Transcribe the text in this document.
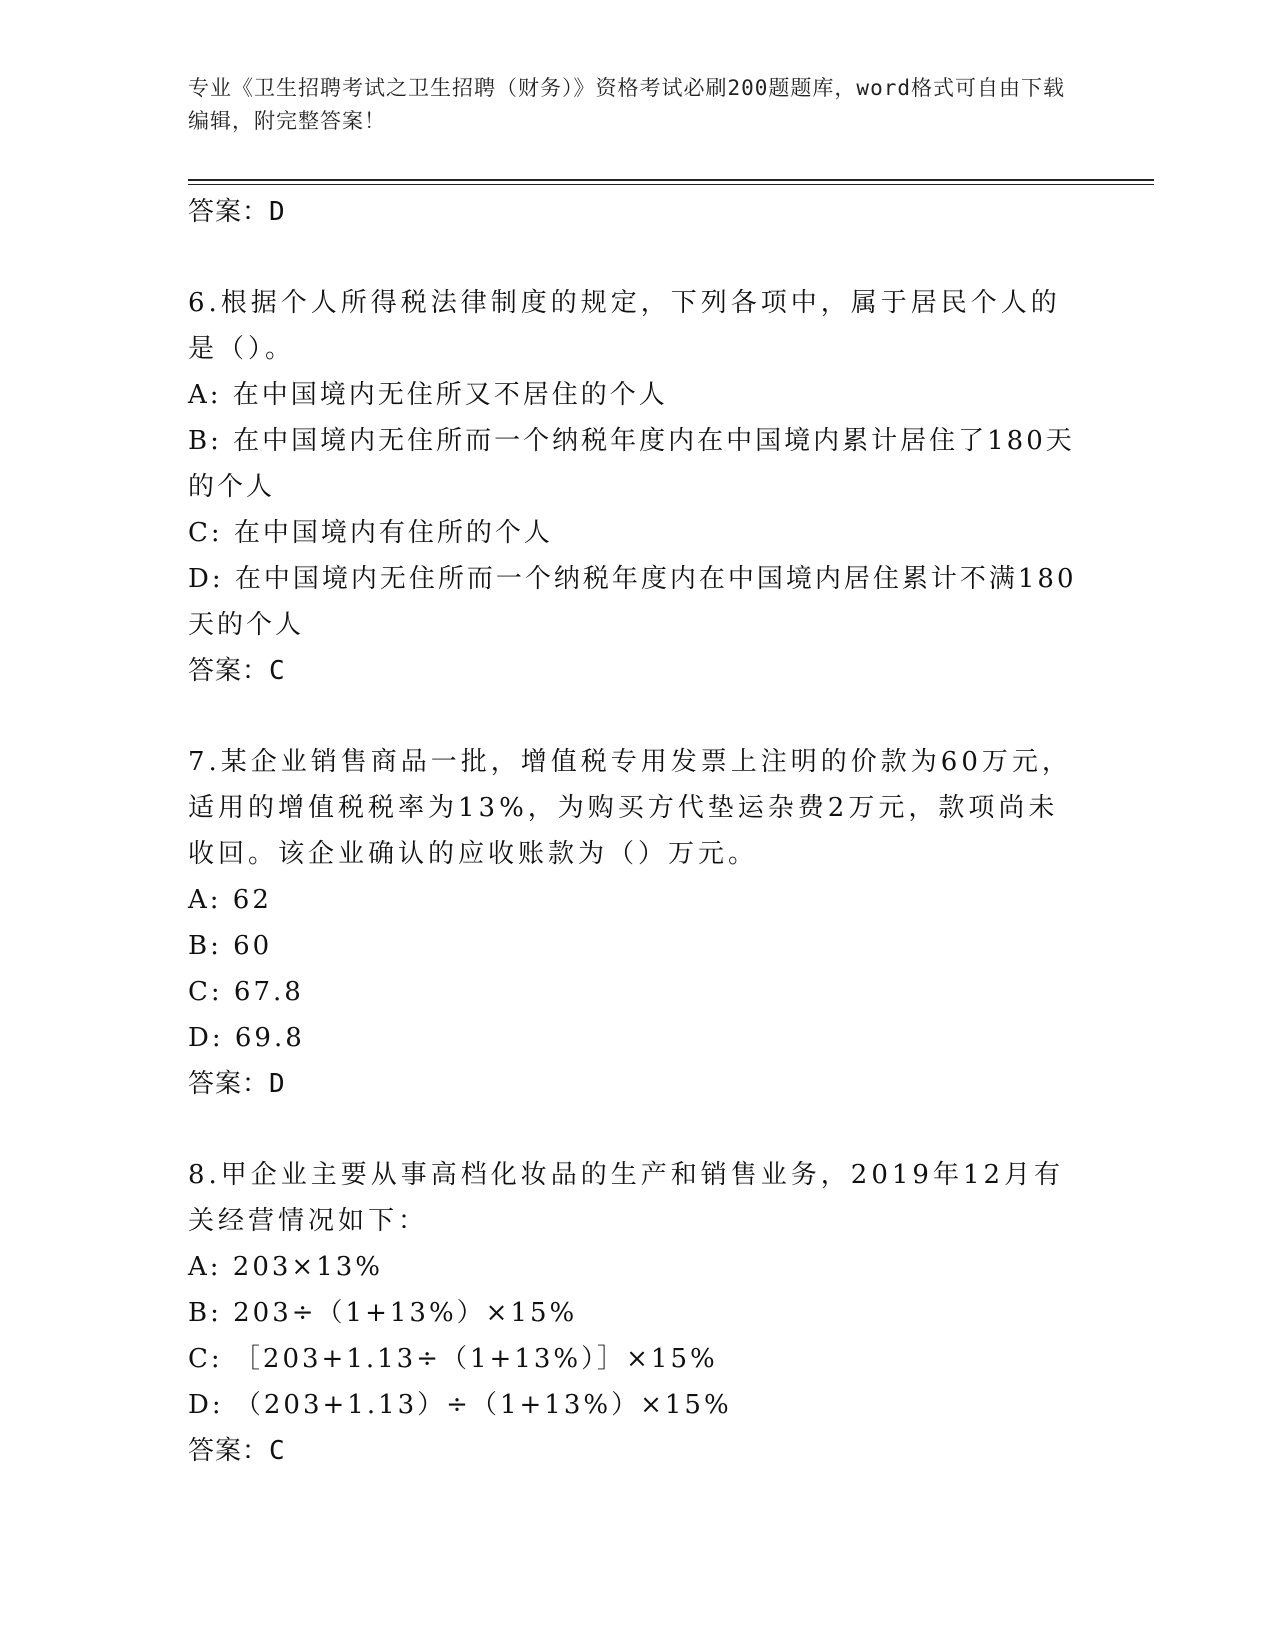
专业《卫生招聘考试之卫生招聘（财务）》资格考试必刷200题题库，word格式可自由下载编辑，附完整答案！
答案：D
6.根据个人所得税法律制度的规定，下列各项中，属于居民个人的是（）。
A: 在中国境内无住所又不居住的个人
B: 在中国境内无住所而一个纳税年度内在中国境内累计居住了180天的个人
C: 在中国境内有住所的个人
D: 在中国境内无住所而一个纳税年度内在中国境内居住累计不满180天的个人
答案：C
7.某企业销售商品一批，增值税专用发票上注明的价款为60万元，适用的增值税税率为13%，为购买方代垫运杂费2万元，款项尚未收回。该企业确认的应收账款为（）万元。
A: 62
B: 60
C: 67.8
D: 69.8
答案：D
8.甲企业主要从事高档化妆品的生产和销售业务，2019年12月有关经营情况如下：
A: 203×13%
B: 203÷（1+13%）×15%
C: ［203+1.13÷（1+13%）］×15%
D: （203+1.13）÷（1+13%）×15%
答案：C
